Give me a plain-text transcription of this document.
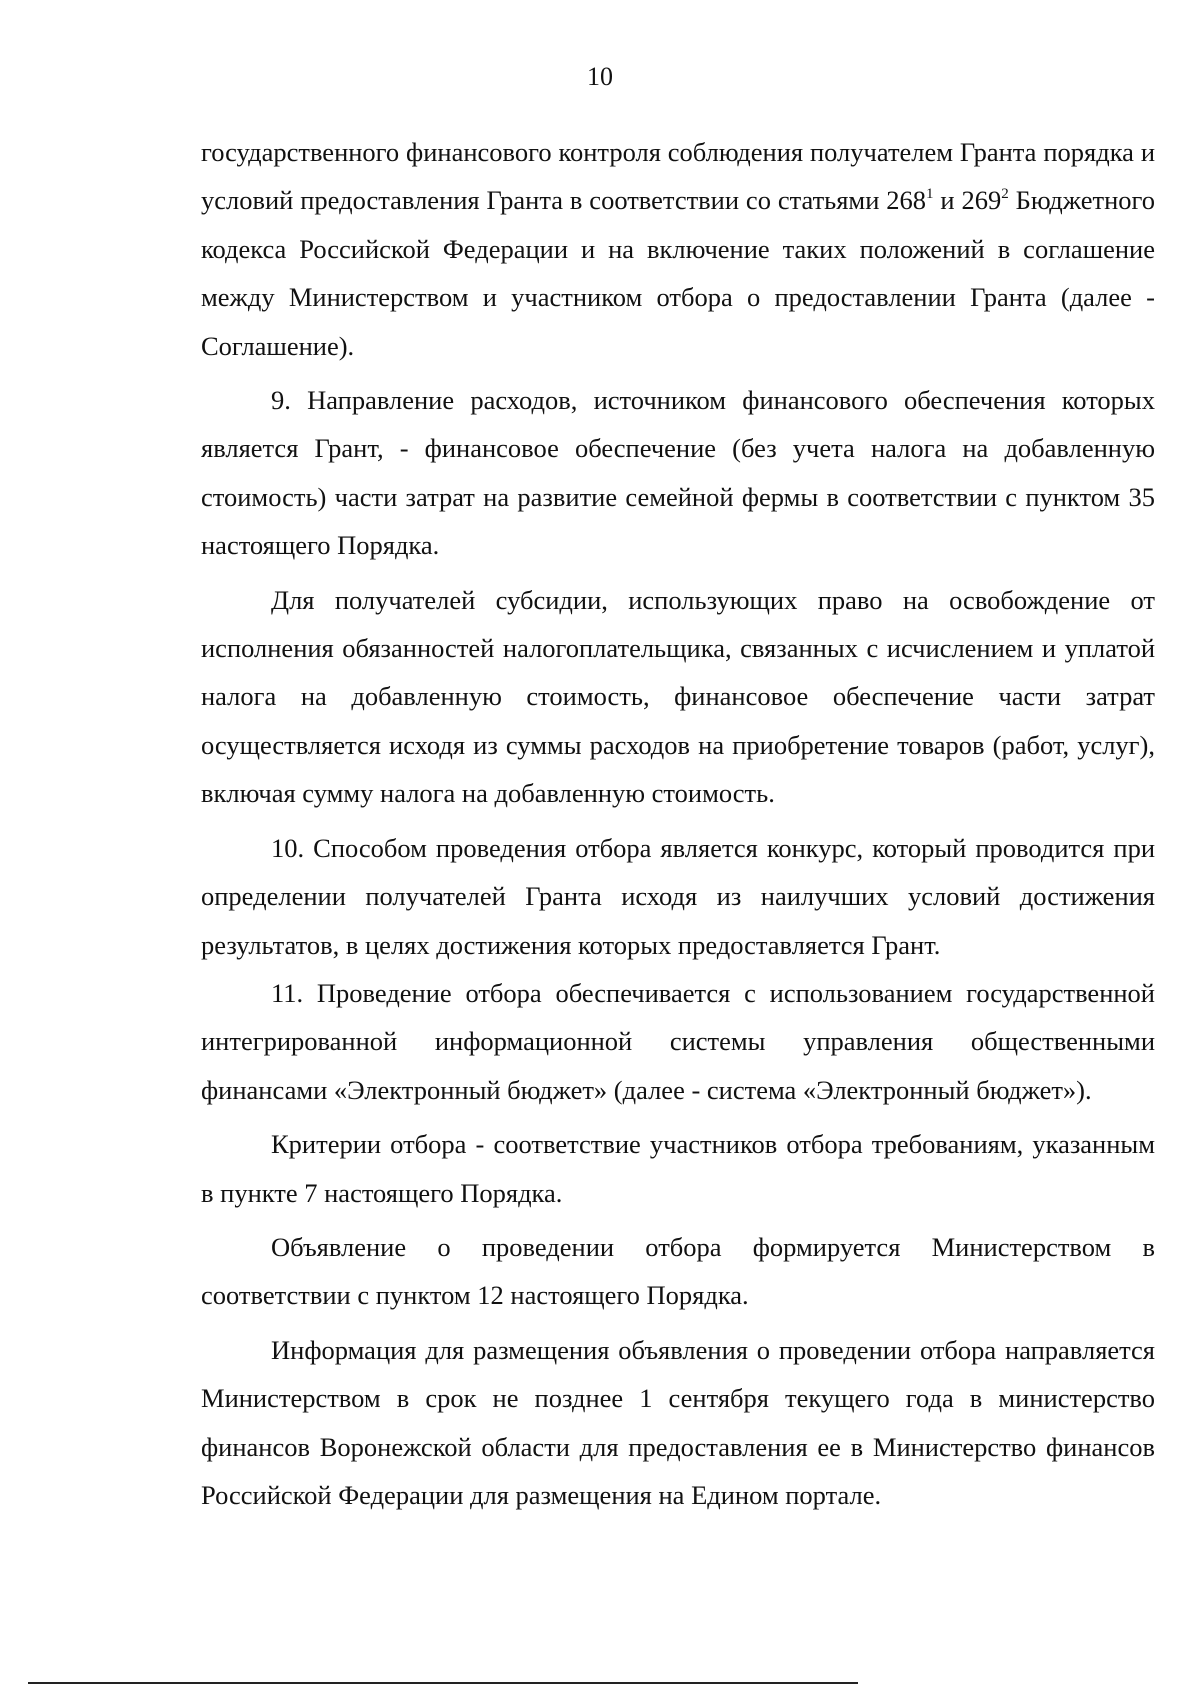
10

государственного финансового контроля соблюдения получателем Гранта порядка и условий предоставления Гранта в соответствии со статьями $268^1$ и $269^2$ Бюджетного кодекса Российской Федерации и на включение таких положений в соглашение между Министерством и участником отбора о предоставлении Гранта (далее - Соглашение).

9. Направление расходов, источником финансового обеспечения которых является Грант, - финансовое обеспечение (без учета налога на добавленную стоимость) части затрат на развитие семейной фермы в соответствии с пунктом 35 настоящего Порядка.

Для получателей субсидии, использующих право на освобождение от исполнения обязанностей налогоплательщика, связанных с исчислением и уплатой налога на добавленную стоимость, финансовое обеспечение части затрат осуществляется исходя из суммы расходов на приобретение товаров (работ, услуг), включая сумму налога на добавленную стоимость.

10. Способом проведения отбора является конкурс, который проводится при определении получателей Гранта исходя из наилучших условий достижения результатов, в целях достижения которых предоставляется Грант.

11. Проведение отбора обеспечивается с использованием государственной интегрированной информационной системы управления общественными финансами «Электронный бюджет» (далее - система «Электронный бюджет»).

Критерии отбора - соответствие участников отбора требованиям, указанным в пункте 7 настоящего Порядка.

Объявление о проведении отбора формируется Министерством в соответствии с пунктом 12 настоящего Порядка.

Информация для размещения объявления о проведении отбора направляется Министерством в срок не позднее 1 сентября текущего года в министерство финансов Воронежской области для предоставления ее в Министерство финансов Российской Федерации для размещения на Едином портале.
